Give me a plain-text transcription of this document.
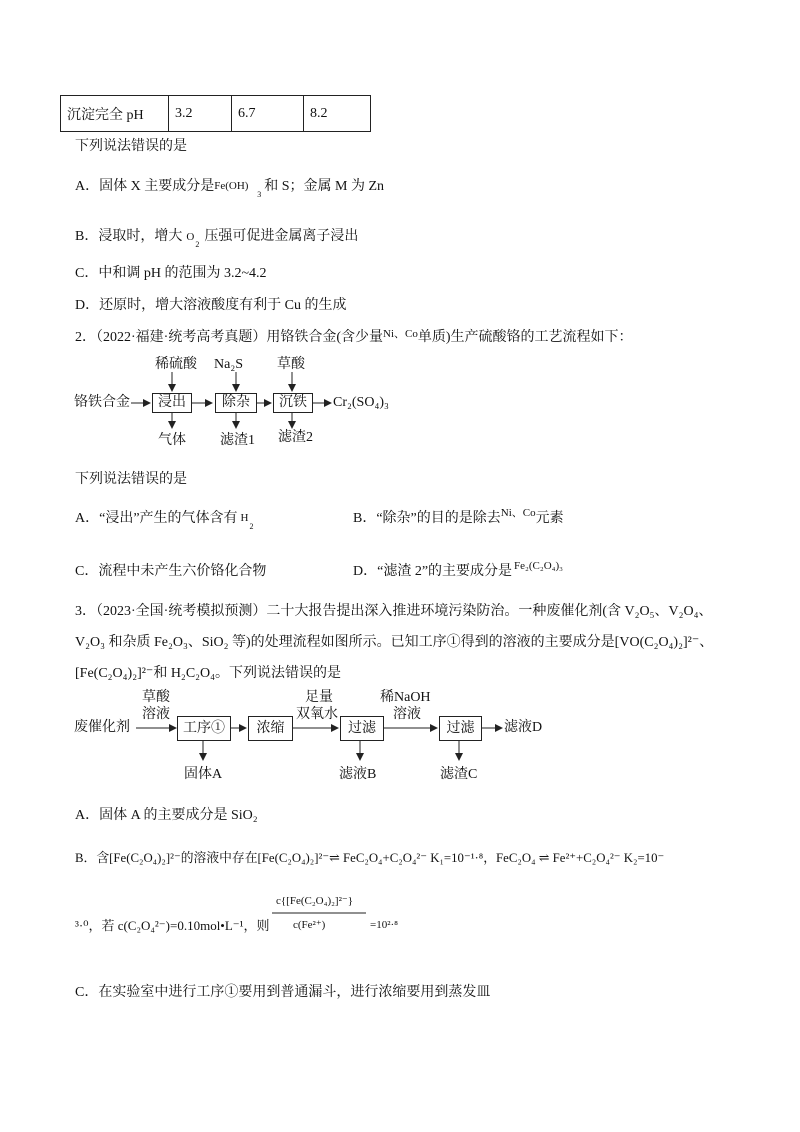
沉淀完全 pH	3.2	6.7	8.2
下列说法错误的是
A．固体 X 主要成分是 Fe(OH)
3
和 S；金属 M 为 Zn
B．浸取时，增大 O
2
压强可促进金属离子浸出
C．中和调 pH 的范围为 3.2~4.2
D．还原时，增大溶液酸度有利于 Cu 的生成
2．（2022·福建·统考高考真题）用铬铁合金(含少量$^{Ni、Co}$单质)生产硫酸铬的工艺流程如下：
铬铁合金
稀硫酸
浸出
气体
Na₂S
除杂
滤渣1
草酸
沉铁
滤渣2
Cr₂(SO₄)₃
下列说法错误的是
A．“浸出”产生的气体含有 H
2
B．“除杂”的目的是除去$^{Ni、Co}$元素
C．流程中未产生六价铬化合物	D．“滤渣 2”的主要成分是 $^{Fe_2(C_2O_4)_3}$
3．（2023·全国·统考模拟预测）二十大报告提出深入推进环境污染防治。一种废催化剂(含 V₂O₅、V₂O₄、
V₂O₃ 和杂质 Fe₂O₃、SiO₂ 等)的处理流程如图所示。已知工序①得到的溶液的主要成分是[VO(C₂O₄)₂]²⁻、
[Fe(C₂O₄)₂]²⁻和 H₂C₂O₄。下列说法错误的是
废催化剂
草酸
溶液
工序①
固体A
浓缩
足量
双氧水
过滤
滤液B
稀NaOH
溶液
过滤
滤渣C
滤液D
A．固体 A 的主要成分是 SiO₂
B．含[Fe(C₂O₄)₂]²⁻的溶液中存在[Fe(C₂O₄)₂]²⁻⇌ FeC₂O₄+C₂O₄²⁻ K₁=10⁻¹·⁸，FeC₂O₄ ⇌ Fe²⁺+C₂O₄²⁻ K₂=10⁻
³·⁰，若 c(C₂O₄²⁻)=0.10mol•L⁻¹，则
c{[Fe(C₂O₄)₂]²⁻}
c(Fe²⁺)	=10²·⁸
C．在实验室中进行工序①要用到普通漏斗，进行浓缩要用到蒸发皿
